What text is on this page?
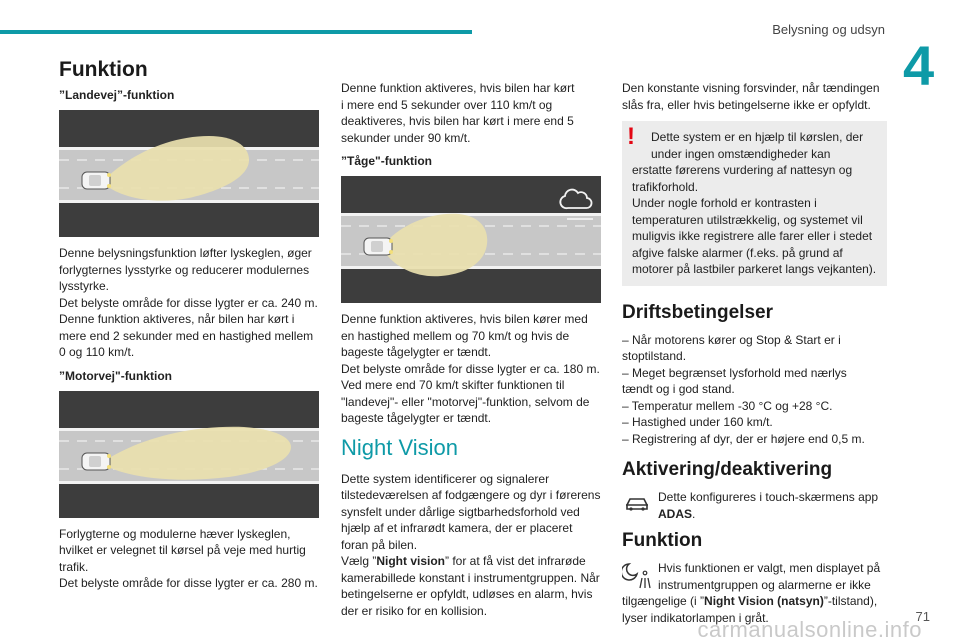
Belysning og udsyn
4
Funktion
”Landevej”-funktion

Denne belysningsfunktion løfter lyskeglen, øger
forlygternes lysstyrke og reducerer modulernes
lysstyrke.
Det belyste område for disse lygter er ca. 240 m.
Denne funktion aktiveres, når bilen har kørt i
mere end 2 sekunder med en hastighed mellem
0 og 110 km/t.

”Motorvej"-funktion

Forlygterne og modulerne hæver lyskeglen,
hvilket er velegnet til kørsel på veje med hurtig
trafik.
Det belyste område for disse lygter er ca. 280 m.

Denne funktion aktiveres, hvis bilen har kørt
i mere end 5 sekunder over 110 km/t og
deaktiveres, hvis bilen har kørt i mere end 5
sekunder under 90 km/t.

”Tåge"-funktion

Denne funktion aktiveres, hvis bilen kører med
en hastighed mellem og 70 km/t og hvis de
bageste tågelygter er tændt.
Det belyste område for disse lygter er ca. 180 m.
Ved mere end 70 km/t skifter funktionen til
"landevej"- eller "motorvej"-funktion, selvom de
bageste tågelygter er tændt.

Night Vision

Dette system identificerer og signalerer
tilstedeværelsen af fodgængere og dyr i førerens
synsfelt under dårlige sigtbarhedsforhold ved
hjælp af et infrarødt kamera, der er placeret
foran på bilen.
Vælg ”Night vision” for at få vist det infrarøde
kamerabillede konstant i instrumentgruppen. Når
betingelserne er opfyldt, udløses en alarm, hvis
der er risiko for en kollision.

Den konstante visning forsvinder, når tændingen
slås fra, eller hvis betingelserne ikke er opfyldt.

!	Dette system er en hjælp til kørslen, der
under ingen omstændigheder kan
erstatte førerens vurdering af nattesyn og
trafikforhold.
Under nogle forhold er kontrasten i
temperaturen utilstrækkelig, og systemet vil
muligvis ikke registrere alle farer eller i stedet
afgive falske alarmer (f.eks. på grund af
motorer på lastbiler parkeret langs vejkanten).
Driftsbetingelser
– Når motorens kører og Stop & Start er i
stoptilstand.
– Meget begrænset lysforhold med nærlys
tændt og i god stand.
– Temperatur mellem -30 °C og +28 °C.
– Hastighed under 160 km/t.
– Registrering af dyr, der er højere end 0,5 m.
Aktivering/deaktivering
Dette konfigureres i touch-skærmens app
ADAS.
Funktion
Hvis funktionen er valgt, men displayet på
instrumentgruppen og alarmerne er ikke
tilgængelige (i ”Night Vision (natsyn)”-tilstand),
lyser indikatorlampen i gråt.	71
carmanualsonline.info
